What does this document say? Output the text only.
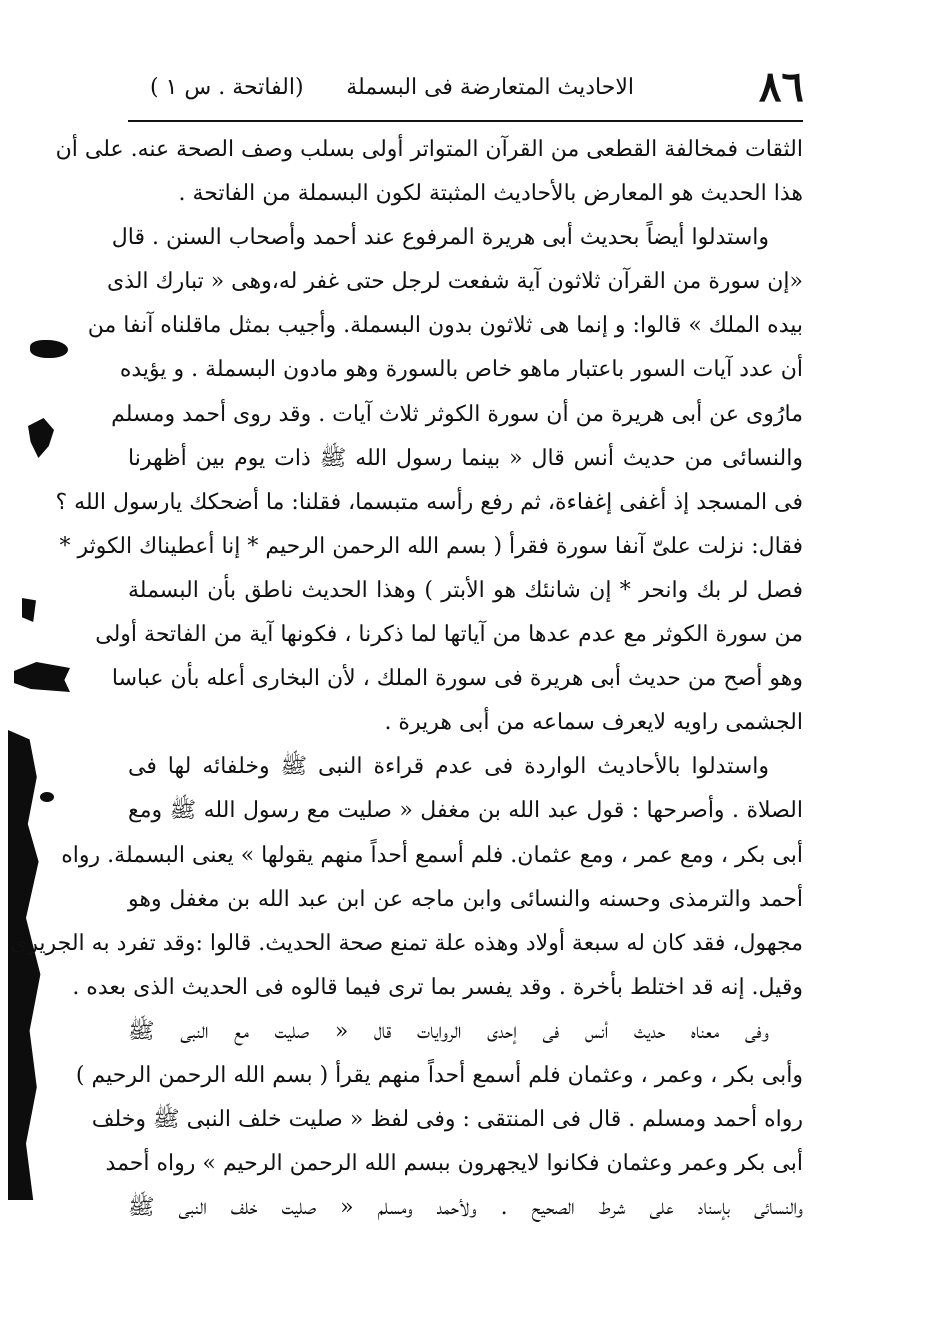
٨٦
الاحاديث المتعارضة فى البسملة
(الفاتحة . س ١ )
الثقات فمخالفة القطعى من القرآن المتواتر أولى بسلب وصف الصحة عنه. على أن
هذا الحديث هو المعارض بالأحاديث المثبتة لكون البسملة من الفاتحة .
واستدلوا أيضاً بحديث أبى هريرة المرفوع عند أحمد وأصحاب السنن . قال
«إن سورة من القرآن ثلاثون آية شفعت لرجل حتى غفر له،وهى « تبارك الذى
بيده الملك » قالوا: و إنما هى ثلاثون بدون البسملة. وأجيب بمثل ماقلناه آنفا من
أن عدد آيات السور باعتبار ماهو خاص بالسورة وهو مادون البسملة . و يؤيده
مارُوى عن أبى هريرة من أن سورة الكوثر ثلاث آيات . وقد روى أحمد ومسلم
والنسائى من حديث أنس قال « بينما رسول الله ﷺ ذات يوم بين أظهرنا
فى المسجد إذ أغفى إغفاءة، ثم رفع رأسه متبسما، فقلنا: ما أضحكك يارسول الله ؟
فقال: نزلت علىّ آنفا سورة فقرأ ( بسم الله الرحمن الرحيم * إنا أعطيناك الكوثر *
فصل لر بك وانحر * إن شانئك هو الأبتر ) وهذا الحديث ناطق بأن البسملة
من سورة الكوثر مع عدم عدها من آياتها لما ذكرنا ، فكونها آية من الفاتحة أولى
وهو أصح من حديث أبى هريرة فى سورة الملك ، لأن البخارى أعله بأن عباسا
الجشمى راويه لايعرف سماعه من أبى هريرة .
واستدلوا بالأحاديث الواردة فى عدم قراءة النبى ﷺ وخلفائه لها فى
الصلاة . وأصرحها : قول عبد الله بن مغفل « صليت مع رسول الله ﷺ ومع
أبى بكر ، ومع عمر ، ومع عثمان. فلم أسمع أحداً منهم يقولها » يعنى البسملة. رواه
أحمد والترمذى وحسنه والنسائى وابن ماجه عن ابن عبد الله بن مغفل وهو
مجهول، فقد كان له سبعة أولاد وهذه علة تمنع صحة الحديث. قالوا :وقد تفرد به الجريرى
وقيل. إنه قد اختلط بأخرة . وقد يفسر بما ترى فيما قالوه فى الحديث الذى بعده .
وفى معناه حديث أنس فى إحدى الروايات قال « صليت مع النبى ﷺ
وأبى بكر ، وعمر ، وعثمان فلم أسمع أحداً منهم يقرأ ( بسم الله الرحمن الرحيم )
رواه أحمد ومسلم . قال فى المنتقى : وفى لفظ « صليت خلف النبى ﷺ وخلف
أبى بكر وعمر وعثمان فكانوا لايجهرون ببسم الله الرحمن الرحيم » رواه أحمد
والنسائى بإسناد على شرط الصحيح . ولأحمد ومسلم « صليت خلف النبى ﷺ
